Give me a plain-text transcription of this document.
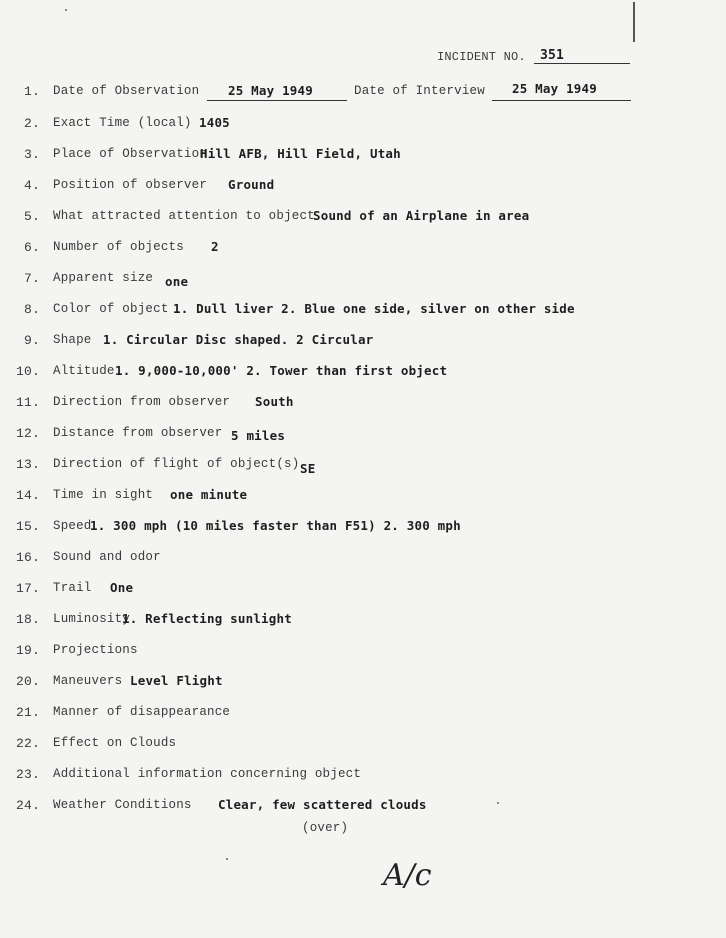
INCIDENT NO.	351
1. Date of Observation	Date of Interview 25 May 1949
25 May 1949
2. Exact Time (local) 1405
3. Place of Observation
Hill AFB, Hill Field, Utah
4. Position of observer Ground
5. What attracted attention to object
Sound of an Airplane in area
6. Number of objects 2
7. Apparent size one
8. Color of object 1. Dull liver 2. Blue one side, silver on other side
9. Shape 1. Circular Disc shaped. 2 Circular
10. Altitude 1. 9,000-10,000' 2. Tower than first object
11. Direction from observer South
12. Distance from observer 5 miles
13. Direction of flight of object(s) SE
14. Time in sight one minute
15. Speed
1. 300 mph (10 miles faster than F51) 2. 300 mph
16. Sound and odor
17. Trail One
18. Luminosity
1. Reflecting sunlight
19. Projections
20. Maneuvers Level Flight
21. Manner of disappearance
22. Effect on Clouds
23. Additional information concerning object
24. Weather Conditions Clear, few scattered clouds
(over)
A/c
